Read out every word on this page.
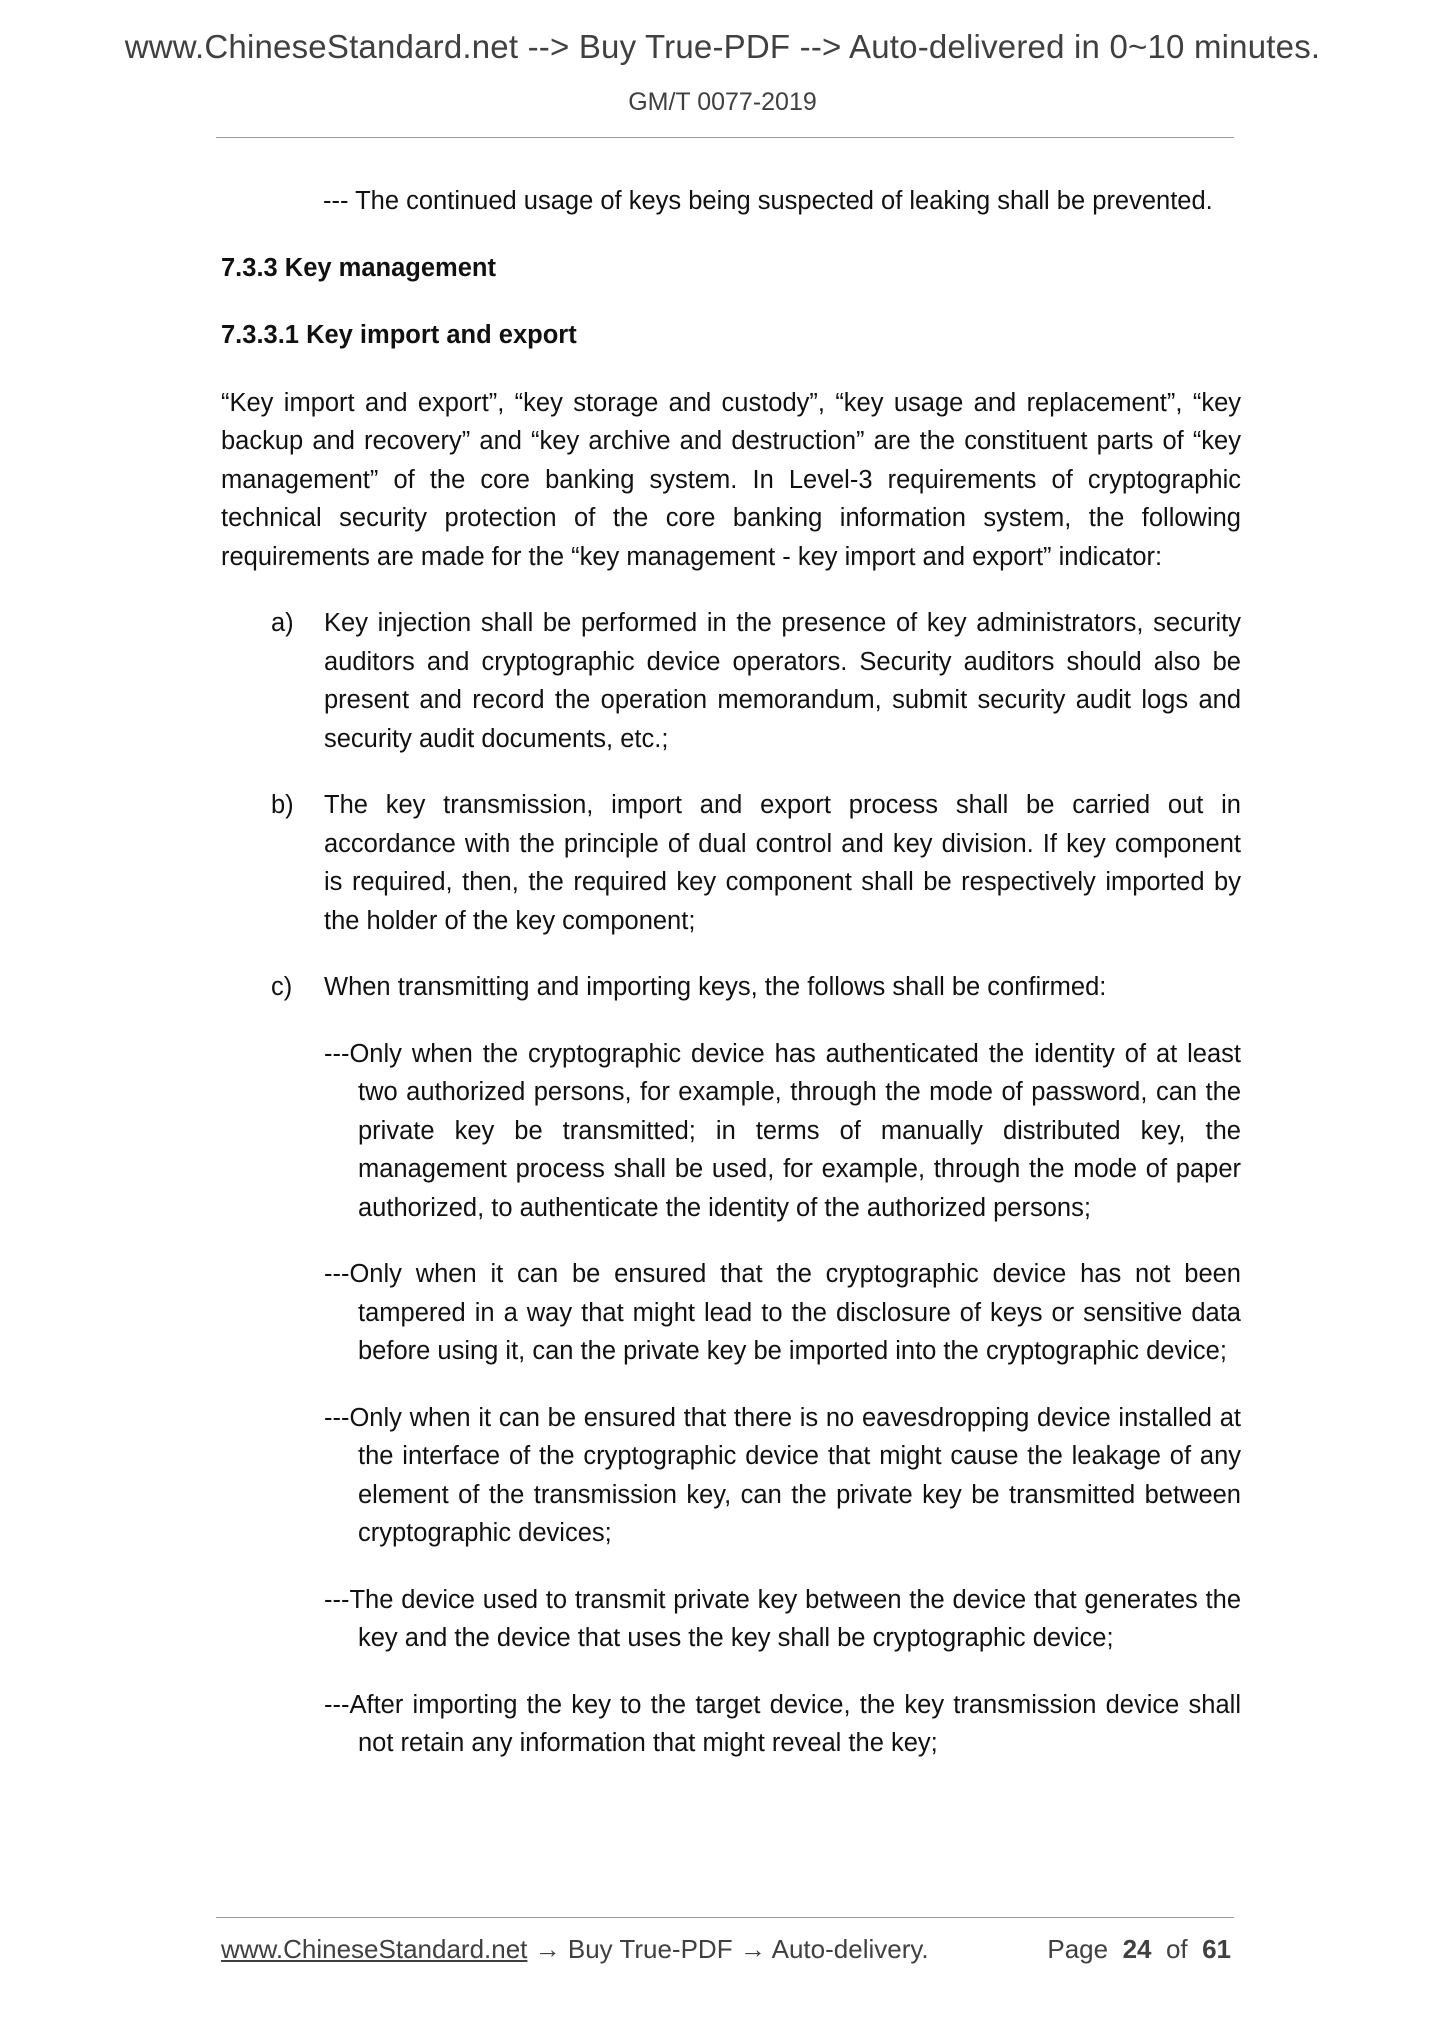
www.ChineseStandard.net --> Buy True-PDF --> Auto-delivered in 0~10 minutes.
GM/T 0077-2019

--- The continued usage of keys being suspected of leaking shall be prevented.

7.3.3 Key management

7.3.3.1 Key import and export

“Key import and export”, “key storage and custody”, “key usage and replacement”, “key backup and recovery” and “key archive and destruction” are the constituent parts of “key management” of the core banking system. In Level-3 requirements of cryptographic technical security protection of the core banking information system, the following requirements are made for the “key management - key import and export” indicator:

a) Key injection shall be performed in the presence of key administrators, security auditors and cryptographic device operators. Security auditors should also be present and record the operation memorandum, submit security audit logs and security audit documents, etc.;
b) The key transmission, import and export process shall be carried out in accordance with the principle of dual control and key division. If key component is required, then, the required key component shall be respectively imported by the holder of the key component;
c) When transmitting and importing keys, the follows shall be confirmed:

---Only when the cryptographic device has authenticated the identity of at least two authorized persons, for example, through the mode of password, can the private key be transmitted; in terms of manually distributed key, the management process shall be used, for example, through the mode of paper authorized, to authenticate the identity of the authorized persons;

---Only when it can be ensured that the cryptographic device has not been tampered in a way that might lead to the disclosure of keys or sensitive data before using it, can the private key be imported into the cryptographic device;

---Only when it can be ensured that there is no eavesdropping device installed at the interface of the cryptographic device that might cause the leakage of any element of the transmission key, can the private key be transmitted between cryptographic devices;

---The device used to transmit private key between the device that generates the key and the device that uses the key shall be cryptographic device;

---After importing the key to the target device, the key transmission device shall not retain any information that might reveal the key;

www.ChineseStandard.net → Buy True-PDF → Auto-delivery.	Page 24 of 61
